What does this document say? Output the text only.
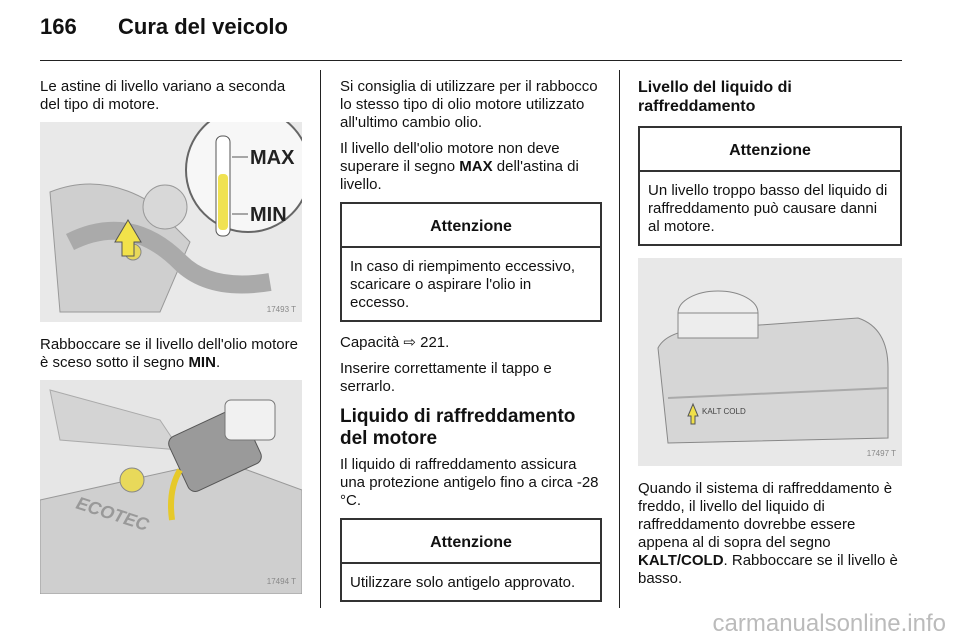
166 Cura del veicolo

Le astine di livello variano a seconda del tipo di motore.

MAX
MIN
17493 T

Rabboccare se il livello dell'olio motore è sceso sotto il segno MIN.

ECOTEC
17494 T

Si consiglia di utilizzare per il rabbocco lo stesso tipo di olio motore utilizzato all'ultimo cambio olio.

Il livello dell'olio motore non deve superare il segno MAX dell'astina di livello.

Attenzione
In caso di riempimento eccessivo, scaricare o aspirare l'olio in eccesso.

Capacità ⇨ 221.

Inserire correttamente il tappo e serrarlo.

Liquido di raffreddamento del motore

Il liquido di raffreddamento assicura una protezione antigelo fino a circa -28 °C.

Attenzione
Utilizzare solo antigelo approvato.
Livello del liquido di raffreddamento
Attenzione
Un livello troppo basso del liquido di raffreddamento può causare danni al motore.
KALT COLD
17497 T

Quando il sistema di raffreddamento è freddo, il livello del liquido di raffreddamento dovrebbe essere appena al di sopra del segno KALT/COLD. Rabboccare se il livello è basso.

carmanualsonline.info
